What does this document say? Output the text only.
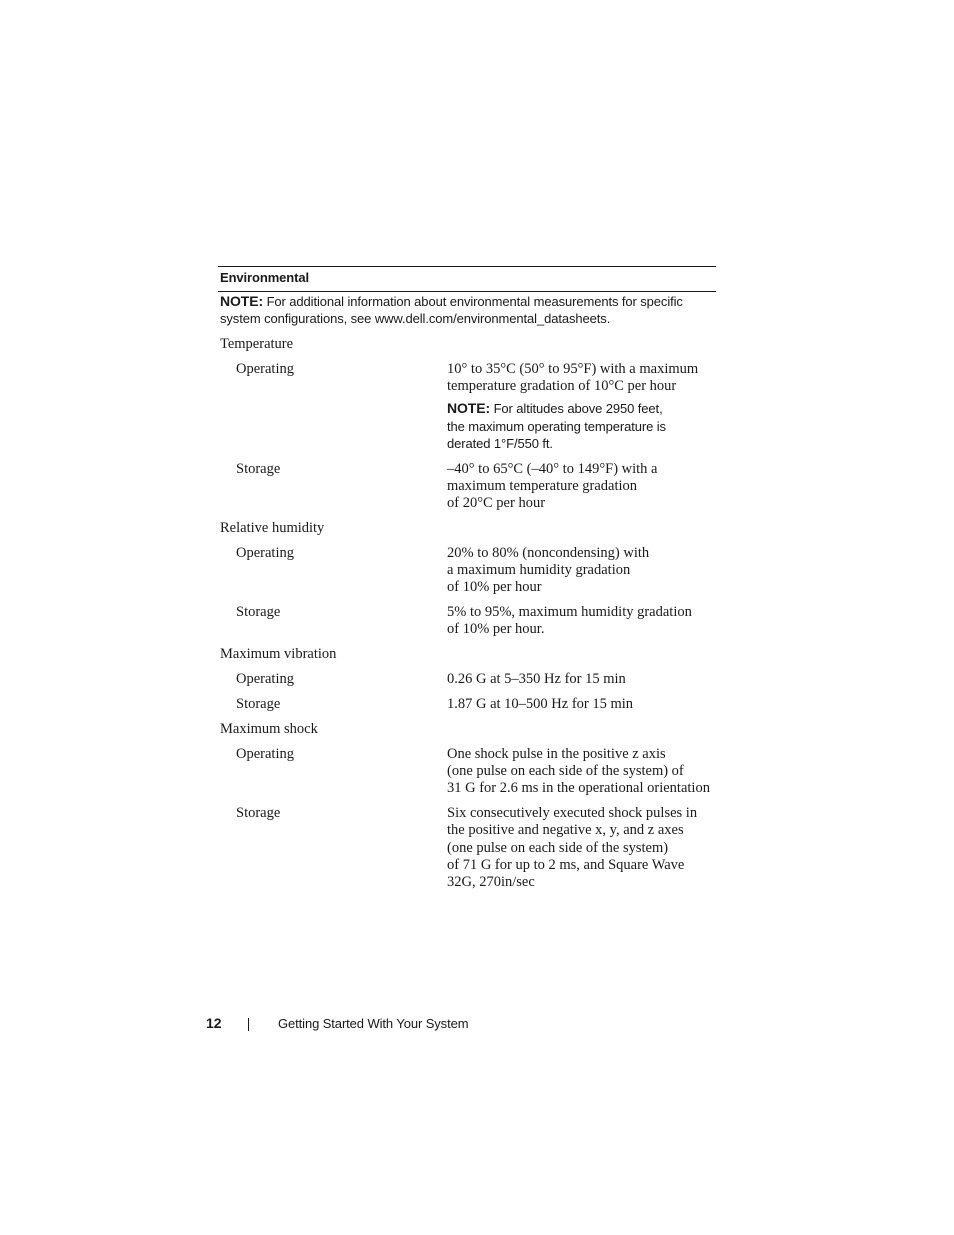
Environmental
NOTE: For additional information about environmental measurements for specific system configurations, see www.dell.com/environmental_datasheets.
Temperature
Operating	10° to 35°C (50° to 95°F) with a maximum
temperature gradation of 10°C per hour
NOTE: For altitudes above 2950 feet,
the maximum operating temperature is
derated 1°F/550 ft.
Storage	–40° to 65°C (–40° to 149°F) with a
maximum temperature gradation
of 20°C per hour
Relative humidity
Operating	20% to 80% (noncondensing) with
a maximum humidity gradation
of 10% per hour
Storage	5% to 95%, maximum humidity gradation
of 10% per hour.
Maximum vibration
Operating	0.26 G at 5–350 Hz for 15 min
Storage	1.87 G at 10–500 Hz for 15 min
Maximum shock
Operating	One shock pulse in the positive z axis
(one pulse on each side of the system) of
31 G for 2.6 ms in the operational orientation
Storage	Six consecutively executed shock pulses in
the positive and negative x, y, and z axes
(one pulse on each side of the system)
of 71 G for up to 2 ms, and Square Wave
32G, 270in/sec
12	Getting Started With Your System
